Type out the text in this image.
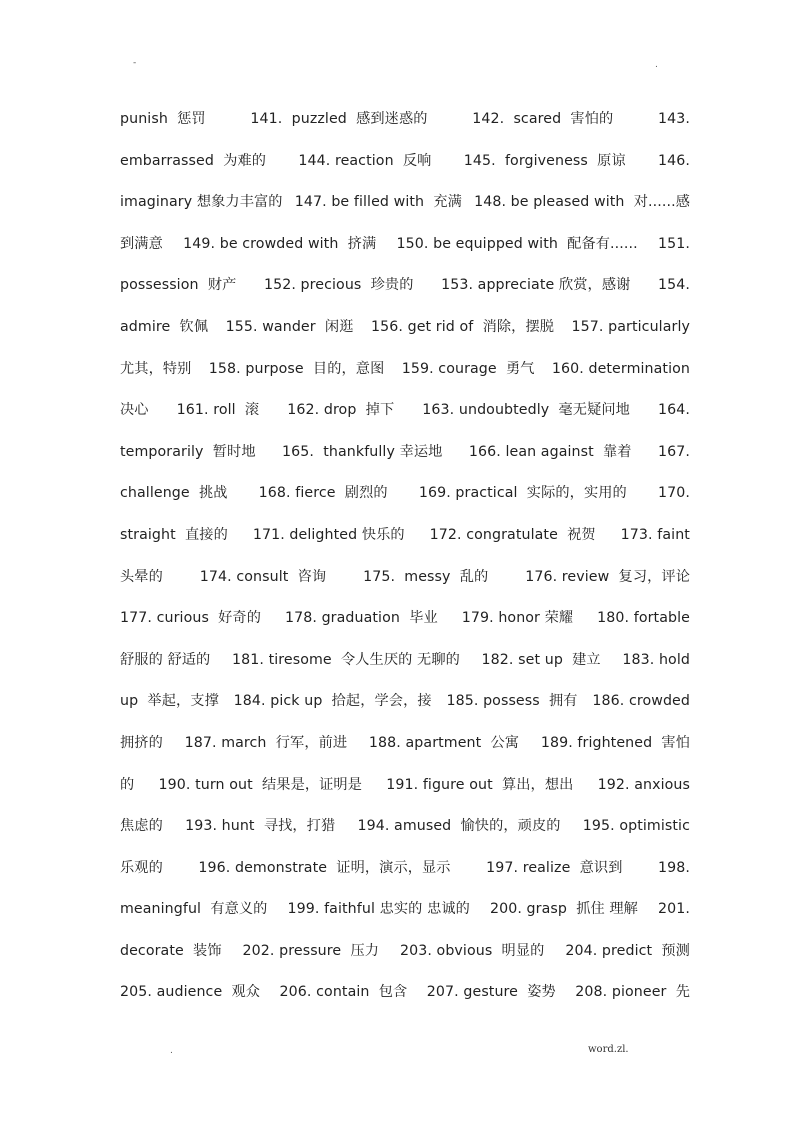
-	.
punish  惩罚	141.  puzzled  感到迷惑的	142.  scared  害怕的	143.
embarrassed  为难的 144. reaction  反响 145.  forgiveness  原谅 146.
imaginary 想象力丰富的 147. be filled with  充满 148. be pleased with  对......感
到满意 149. be crowded with  挤满 150. be equipped with  配备有...... 151.
possession  财产 152. precious  珍贵的 153. appreciate 欣赏，感谢 154.
admire  钦佩 155. wander  闲逛 156. get rid of  消除，摆脱 157. particularly
尤其，特别 158. purpose  目的，意图 159. courage  勇气 160. determination
决心 161. roll  滚 162. drop  掉下 163. undoubtedly  毫无疑问地 164.
temporarily  暂时地 165.  thankfully 幸运地 166. lean against  靠着 167.
challenge  挑战 168. fierce  剧烈的 169. practical  实际的，实用的 170.
straight  直接的 171. delighted 快乐的 172. congratulate  祝贺 173. faint
头晕的	174. consult  咨询	175.  messy  乱的	176. review  复习，评论
177. curious  好奇的 178. graduation  毕业 179. honor 荣耀 180. fortable
舒服的 舒适的 181. tiresome  令人生厌的 无聊的 182. set up  建立 183. hold
up  举起，支撑 184. pick up  拾起，学会，接 185. possess  拥有 186. crowded
拥挤的 187. march  行军，前进 188. apartment  公寓 189. frightened  害怕
的 190. turn out  结果是，证明是 191. figure out  算出，想出 192. anxious
焦虑的 193. hunt  寻找，打猎 194. amused  愉快的，顽皮的 195. optimistic
乐观的	196. demonstrate  证明，演示，显示	197. realize  意识到	198.
meaningful  有意义的 199. faithful 忠实的 忠诚的 200. grasp  抓住 理解 201.
decorate  装饰 202. pressure  压力 203. obvious  明显的 204. predict  预测
205. audience  观众 206. contain  包含 207. gesture  姿势 208. pioneer  先
.	word.zl.
